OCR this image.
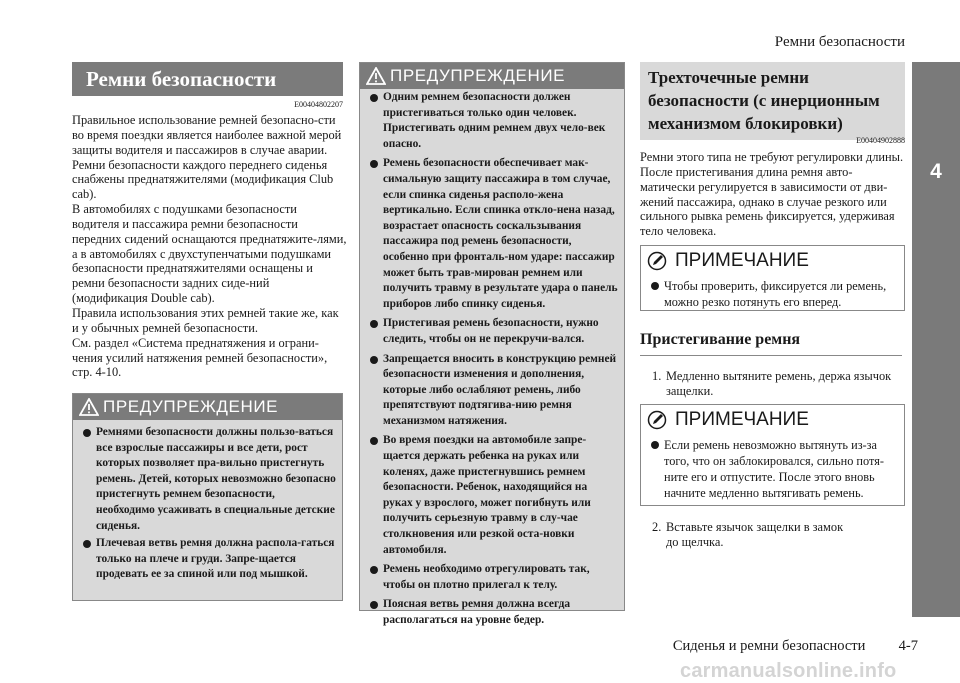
Ремни безопасности
4
Ремни безопасности
E00404802207

Правильное использование ремней безопасно-сти во время поездки является наиболее важной мерой защиты водителя и пассажиров в случае аварии.

Ремни безопасности каждого переднего сиденья снабжены преднатяжителями (модификация Club cab).

В автомобилях с подушками безопасности водителя и пассажира ремни безопасности передних сидений оснащаются преднатяжите-лями, а в автомобилях с двухступенчатыми подушками безопасности преднатяжителями оснащены и ремни безопасности задних сиде-ний (модификация Double cab).

Правила использования этих ремней такие же, как и у обычных ремней безопасности.

См. раздел «Система преднатяжения и ограни-чения усилий натяжения ремней безопасности», стр. 4-10.

ПРЕДУПРЕЖДЕНИЕ
Ремнями безопасности должны пользо-ваться все взрослые пассажиры и все дети, рост которых позволяет пра-вильно пристегнуть ремень. Детей, которых невозможно безопасно пристегнуть ремнем безопасности, необходимо усаживать в специальные детские сиденья.
Плечевая ветвь ремня должна распола-гаться только на плече и груди. Запре-щается продевать ее за спиной или под мышкой.
ПРЕДУПРЕЖДЕНИЕ
Одним ремнем безопасности должен пристегиваться только один человек. Пристегивать одним ремнем двух чело-век опасно.
Ремень безопасности обеспечивает мак-симальную защиту пассажира в том случае, если спинка сиденья располо-жена вертикально. Если спинка откло-нена назад, возрастает опасность соскальзывания пассажира под ремень безопасности, особенно при фронталь-ном ударе: пассажир может быть трав-мирован ремнем или получить травму в результате удара о панель приборов либо спинку сиденья.
Пристегивая ремень безопасности, нужно следить, чтобы он не перекручи-вался.
Запрещается вносить в конструкцию ремней безопасности изменения и дополнения, которые либо ослабляют ремень, либо препятствуют подтягива-нию ремня механизмом натяжения.
Во время поездки на автомобиле запре-щается держать ребенка на руках или коленях, даже пристегнувшись ремнем безопасности. Ребенок, находящийся на руках у взрослого, может погибнуть или получить серьезную травму в слу-чае столкновения или резкой оста-новки автомобиля.
Ремень необходимо отрегулировать так, чтобы он плотно прилегал к телу.
Поясная ветвь ремня должна всегда располагаться на уровне бедер.
Трехточечные ремни
безопасности (с инерционным
механизмом блокировки)
E00404902888

Ремни этого типа не требуют регулировки длины. После пристегивания длина ремня авто-матически регулируется в зависимости от дви-жений пассажира, однако в случае резкого или сильного рывка ремень фиксируется, удерживая тело человека.

ПРИМЕЧАНИЕ
Чтобы проверить, фиксируется ли ремень, можно резко потянуть его вперед.
Пристегивание ремня
1. Медленно вытяните ремень, держа язычок
защелки.
ПРИМЕЧАНИЕ
Если ремень невозможно вытянуть из-за того, что он заблокировался, сильно потя-ните его и отпустите. После этого вновь начните медленно вытягивать ремень.
2. Вставьте язычок защелки в замок
до щелчка.
Сиденья и ремни безопасности 4-7
carmanualsonline.info
